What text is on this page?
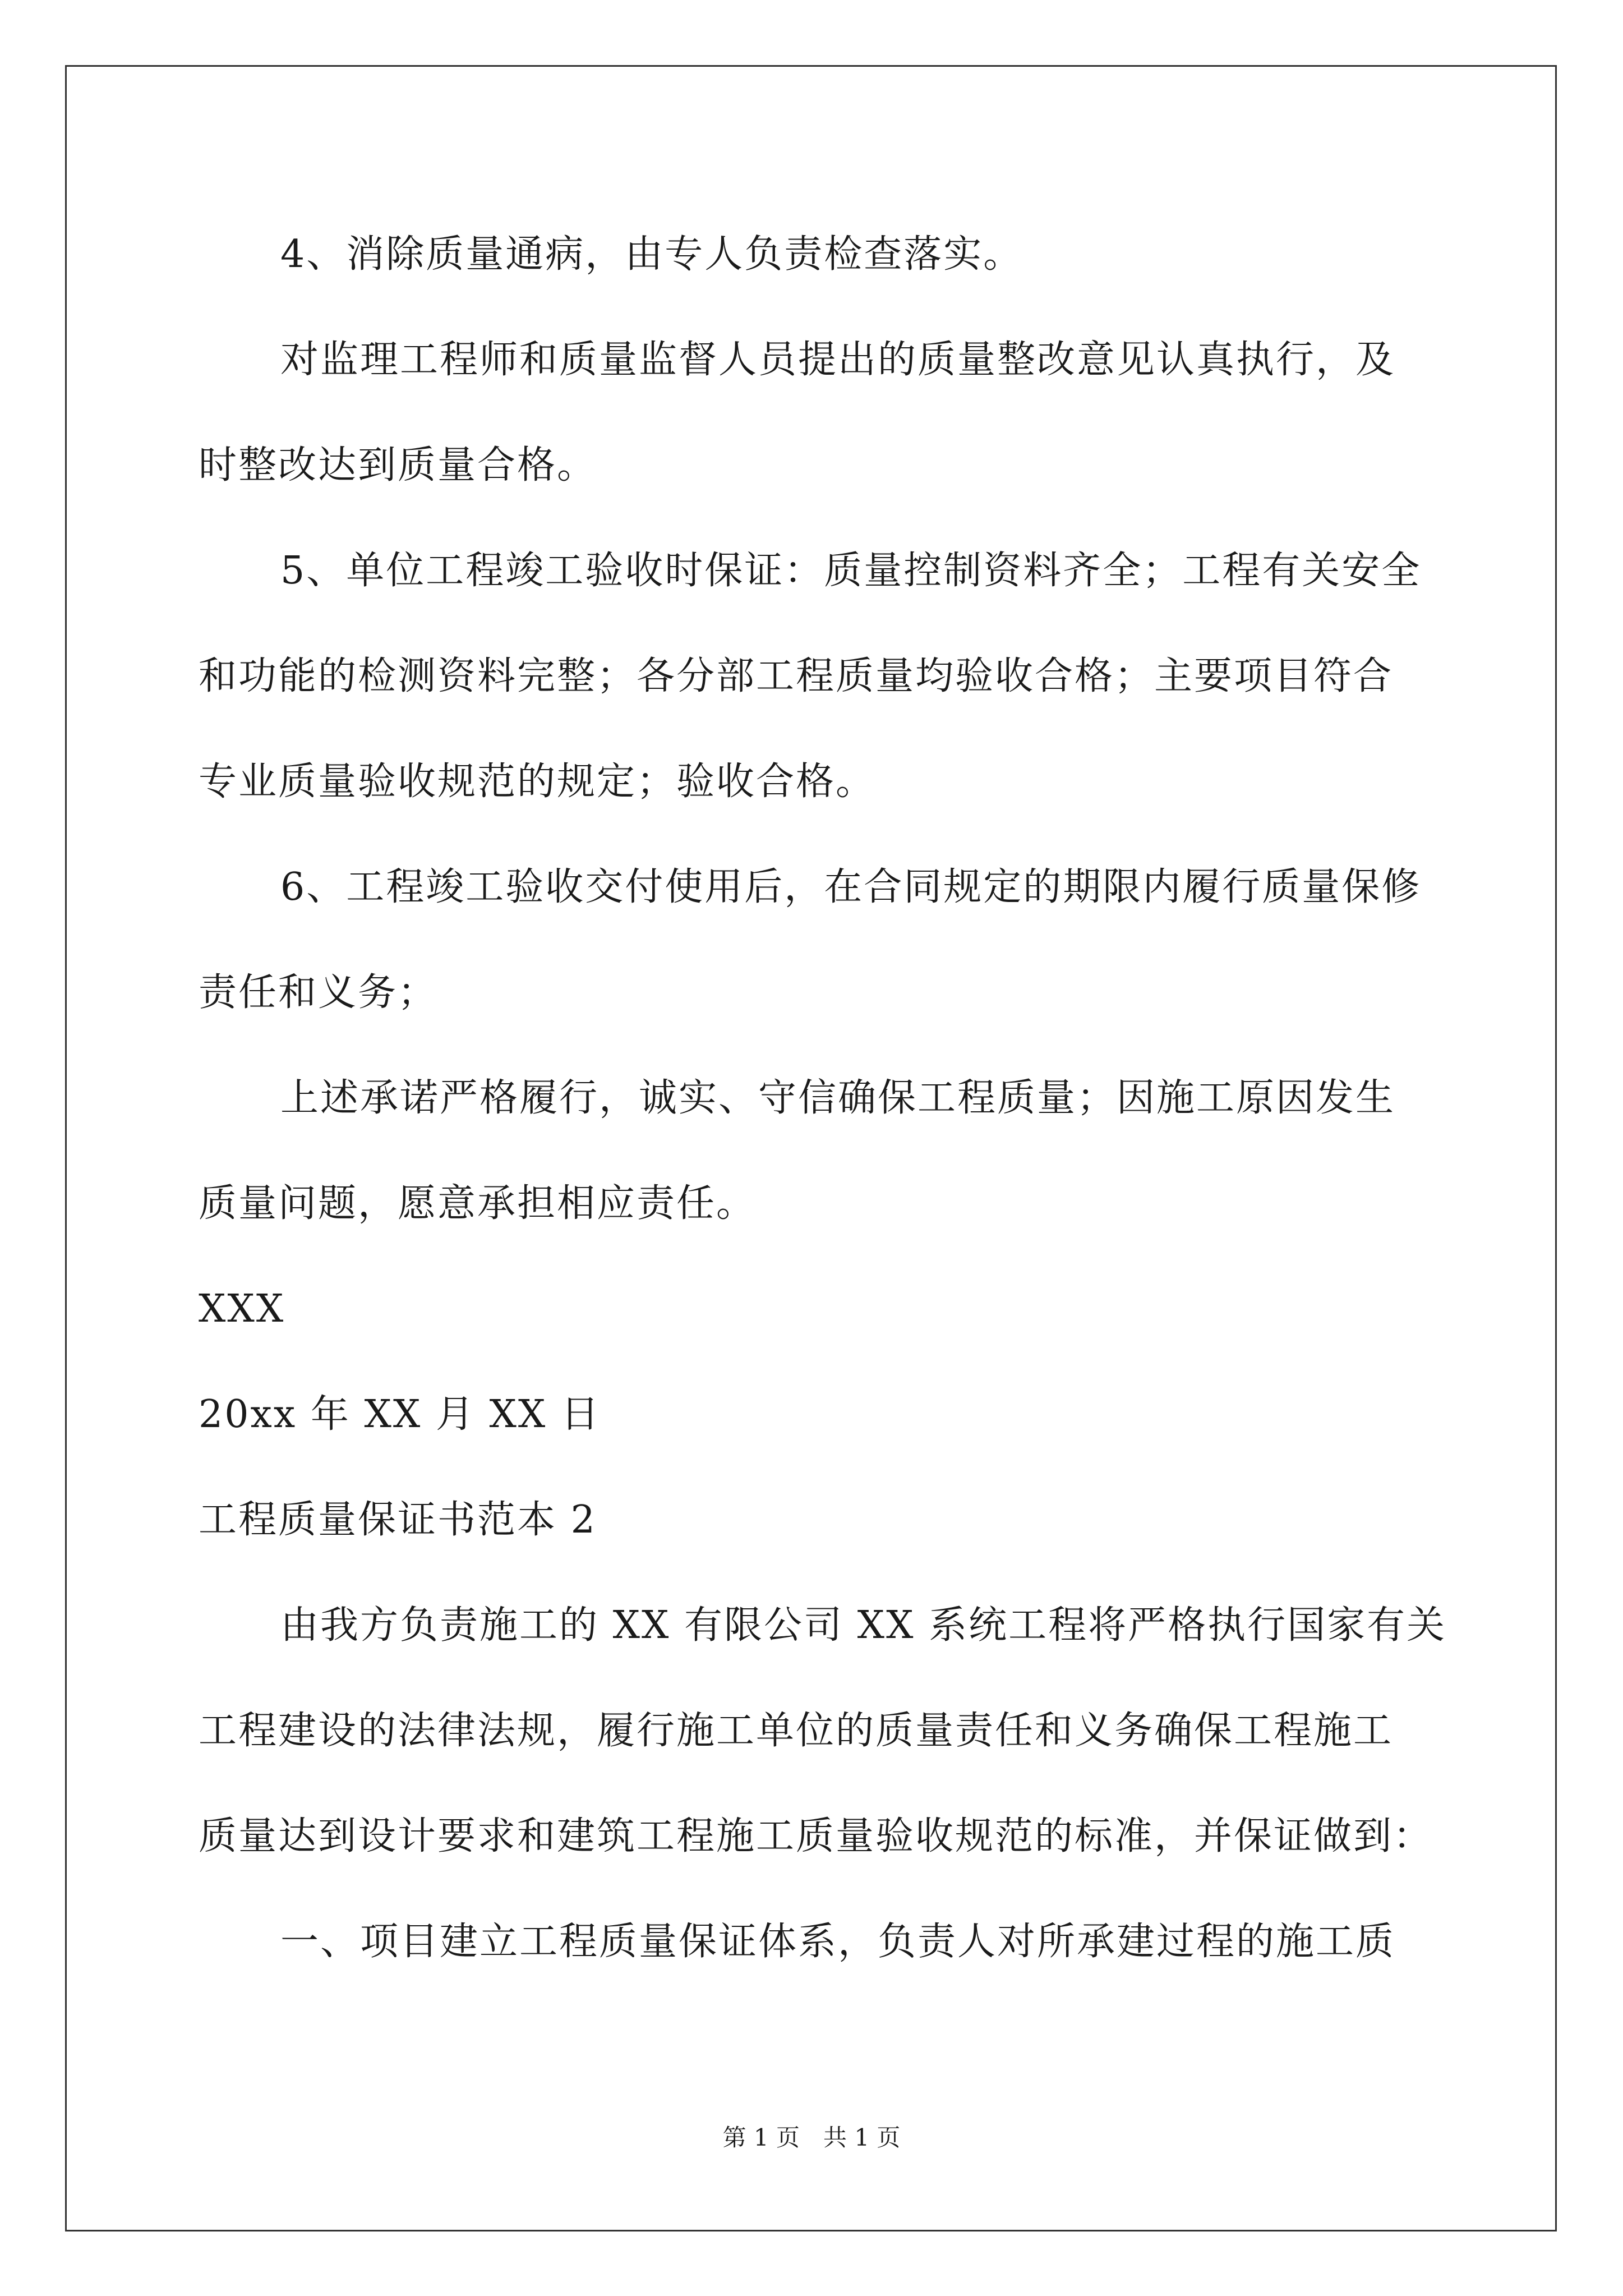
4、消除质量通病，由专人负责检查落实。
对监理工程师和质量监督人员提出的质量整改意见认真执行，及
时整改达到质量合格。
5、单位工程竣工验收时保证：质量控制资料齐全；工程有关安全
和功能的检测资料完整；各分部工程质量均验收合格；主要项目符合
专业质量验收规范的规定；验收合格。
6、工程竣工验收交付使用后，在合同规定的期限内履行质量保修
责任和义务；
上述承诺严格履行，诚实、守信确保工程质量；因施工原因发生
质量问题，愿意承担相应责任。
XXX
20xx 年 XX 月 XX 日
工程质量保证书范本 2
由我方负责施工的 XX 有限公司 XX 系统工程将严格执行国家有关
工程建设的法律法规，履行施工单位的质量责任和义务确保工程施工
质量达到设计要求和建筑工程施工质量验收规范的标准，并保证做到：
一、项目建立工程质量保证体系，负责人对所承建过程的施工质
第 1 页　共 1 页
